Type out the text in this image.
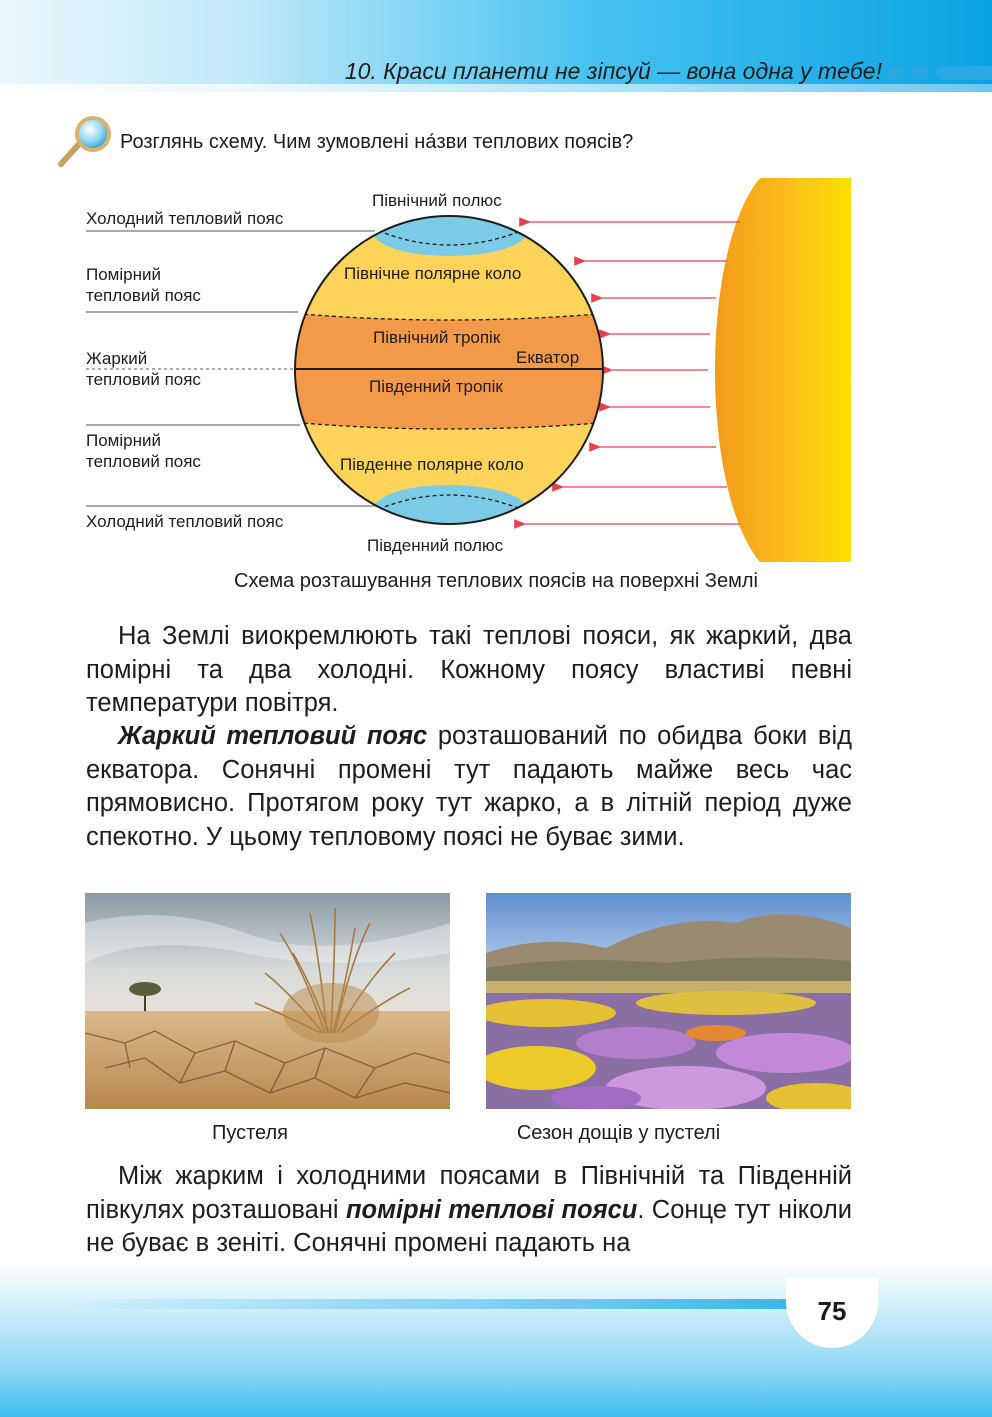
10. Краси планети не зіпсуй — вона одна у тебе!
Розглянь схему. Чим зумовлені на́зви теплових поясів?
Холодний тепловий пояс
Помірний
тепловий пояс
Жаркий
тепловий пояс
Помірний
тепловий пояс
Холодний тепловий пояс
Північний полюс
Північне полярне коло
Північний тропік
Екватор
Південний тропік
Південне полярне коло
Південний полюс
Схема розташування теплових поясів на поверхні Землі

На Землі виокремлюють такі теплові пояси, як жаркий, два помірні та два холодні. Кожному поясу властиві певні температури повітря.

Жаркий тепловий пояс розташований по обидва боки від екватора. Сонячні промені тут падають майже весь час прямовисно. Протягом року тут жарко, а в літній період дуже спекотно. У цьому тепловому поясі не буває зими.

Пустеля	Сезон дощів у пустелі

Між жарким і холодними поясами в Північній та Південній півкулях розташовані помірні теплові пояси. Сонце тут ніколи не буває в зеніті. Сонячні промені падають на

75
